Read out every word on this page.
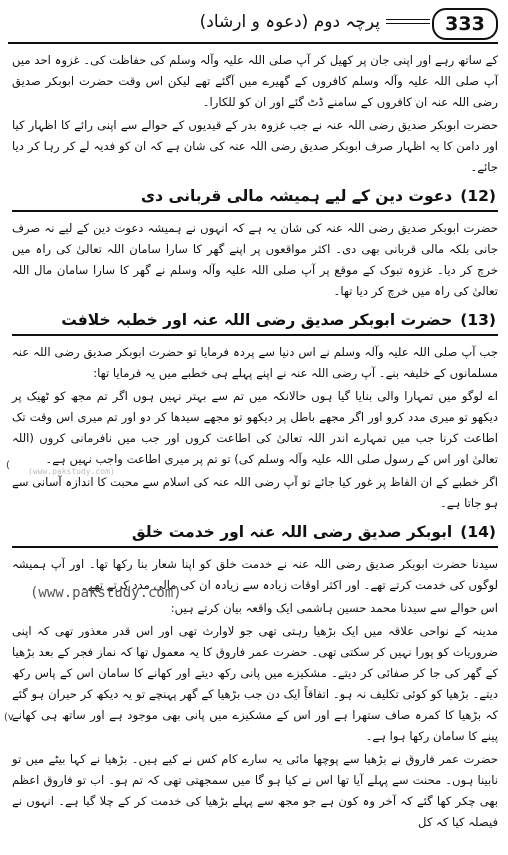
333
پرچہ دوم (دعوہ و ارشاد)

کے ساتھ رہے اور اپنی جان پر کھیل کر آپ صلی اللہ علیہ وآلہ وسلم کی حفاظت کی۔ غزوہ احد میں آپ صلی اللہ علیہ وآلہ وسلم کافروں کے گھیرے میں آگئے تھے لیکن اس وقت حضرت ابوبکر صدیق رضی اللہ عنہ ان کافروں کے سامنے ڈٹ گئے اور ان کو للکارا۔

حضرت ابوبکر صدیق رضی اللہ عنہ نے جب غزوہ بدر کے قیدیوں کے حوالے سے اپنی رائے کا اظہار کیا اور دامن کا یہ اظہار صرف ابوبکر صدیق رضی اللہ عنہ کی شان ہے کہ ان کو فدیہ لے کر رہا کر دیا جائے۔

(12)
دعوت دین کے لیے ہمیشہ مالی قربانی دی

حضرت ابوبکر صدیق رضی اللہ عنہ کی شان یہ ہے کہ انہوں نے ہمیشہ دعوت دین کے لیے نہ صرف جانی بلکہ مالی قربانی بھی دی۔ اکثر مواقعوں پر اپنے گھر کا سارا سامان اللہ تعالیٰ کی راہ میں خرچ کر دیا۔ غزوہ تبوک کے موقع پر آپ صلی اللہ علیہ وآلہ وسلم نے گھر کا سارا سامان مال اللہ تعالیٰ کی راہ میں خرچ کر دیا تھا۔

(13)
حضرت ابوبکر صدیق رضی اللہ عنہ اور خطبہ خلافت

جب آپ صلی اللہ علیہ وآلہ وسلم نے اس دنیا سے پردہ فرمایا تو حضرت ابوبکر صدیق رضی اللہ عنہ مسلمانوں کے خلیفہ بنے۔ آپ رضی اللہ عنہ نے اپنے پہلے ہی خطبے میں یہ فرمایا تھا:

اے لوگو میں تمہارا والی بنایا گیا ہوں حالانکہ میں تم سے بہتر نہیں ہوں اگر تم مجھ کو ٹھیک پر دیکھو تو میری مدد کرو اور اگر مجھے باطل پر دیکھو تو مجھے سیدھا کر دو اور تم میری اس وقت تک اطاعت کرنا جب میں تمہارے اندر اللہ تعالیٰ کی اطاعت کروں اور جب میں نافرمانی کروں (اللہ تعالیٰ اور اس کے رسول صلی اللہ علیہ وآلہ وسلم کی) تو تم پر میری اطاعت واجب نہیں ہے۔

اگر خطبے کے ان الفاظ پر غور کیا جائے تو آپ رضی اللہ عنہ کی اسلام سے محبت کا اندازہ آسانی سے ہو جاتا ہے۔

(14)
ابوبکر صدیق رضی اللہ عنہ اور خدمت خلق

سیدنا حضرت ابوبکر صدیق رضی اللہ عنہ نے خدمت خلق کو اپنا شعار بنا رکھا تھا۔ اور آپ ہمیشہ لوگوں کی خدمت کرتے تھے۔ اور اکثر اوقات زیادہ سے زیادہ ان کی مالی مدد کرتے تھے۔

اس حوالے سے سیدنا محمد حسین ہاشمی ایک واقعہ بیان کرتے ہیں:

مدینہ کے نواحی علاقہ میں ایک بڑھیا رہتی تھی جو لاوارث تھی اور اس قدر معذور تھی کہ اپنی ضروریات کو پورا نہیں کر سکتی تھی۔ حضرت عمر فاروق کا یہ معمول تھا کہ نماز فجر کے بعد بڑھیا کے گھر کی جا کر صفائی کر دیتے۔ مشکیزے میں پانی رکھ دیتے اور کھانے کا سامان اس کے پاس رکھ دیتے۔ بڑھیا کو کوئی تکلیف نہ ہو۔ اتفاقاً ایک دن جب بڑھیا کے گھر پہنچے تو یہ دیکھ کر حیران ہو گئے کہ بڑھیا کا کمرہ صاف ستھرا ہے اور اس کے مشکیزے میں پانی بھی موجود ہے اور ساتھ ہی کھانے پینے کا سامان رکھا ہوا ہے۔

حضرت عمر فاروق نے بڑھیا سے پوچھا مائی یہ سارے کام کس نے کیے ہیں۔ بڑھیا نے کہا بیٹے میں تو نابینا ہوں۔ محنت سے پہلے آیا تھا اس نے کیا ہو گا میں سمجھتی تھی کہ تم ہو۔ اب تو فاروق اعظم بھی چکر کھا گئے کہ آخر وہ کون ہے جو مجھ سے پہلے بڑھیا کی خدمت کر کے چلا گیا ہے۔ انہوں نے فیصلہ کیا کہ کل

(www.pakstudy.com)
(www.pakstudy.com)
(
(v
